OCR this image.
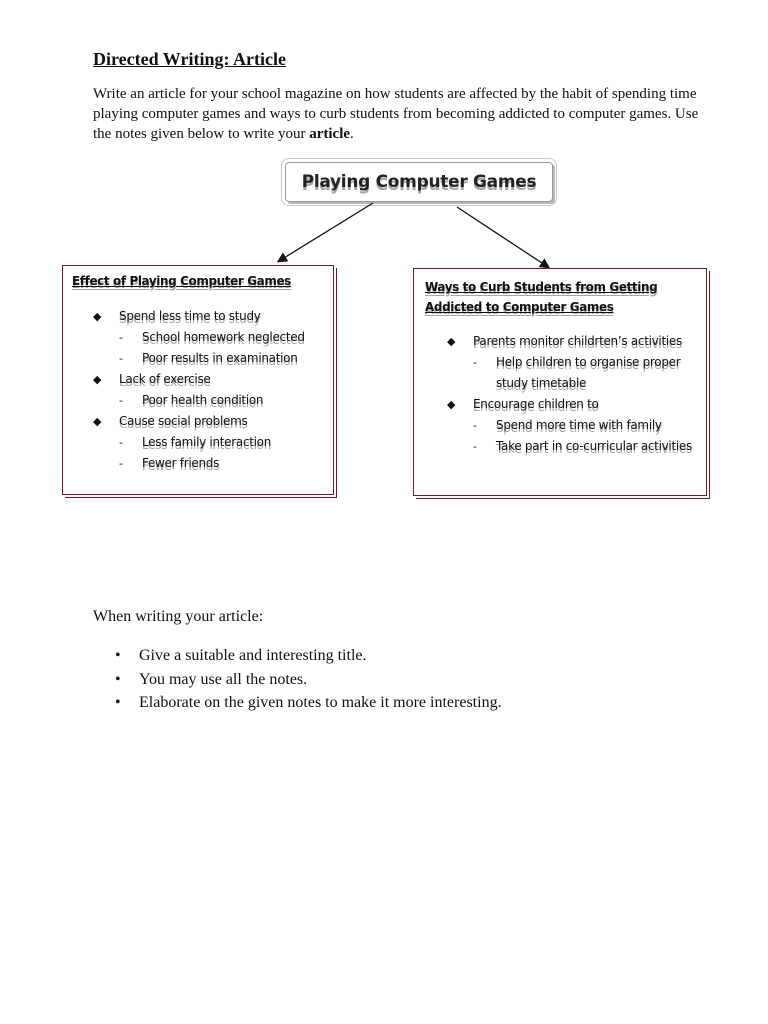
Directed Writing: Article

Write an article for your school magazine on how students are affected by the habit of spending time playing computer games and ways to curb students from becoming addicted to computer games. Use the notes given below to write your article.

Playing Computer Games
Effect of Playing Computer Games
◆ Spend less time to study
- School homework neglected
- Poor results in examination
◆ Lack of exercise
- Poor health condition
◆ Cause social problems
- Less family interaction
- Fewer friends
Ways to Curb Students from Getting Addicted to Computer Games
◆ Parents monitor childrten’s activities
- Help children to organise proper study timetable
◆ Encourage children to
- Spend more time with family
- Take part in co-curricular activities

When writing your article:

• Give a suitable and interesting title.
• You may use all the notes.
• Elaborate on the given notes to make it more interesting.
